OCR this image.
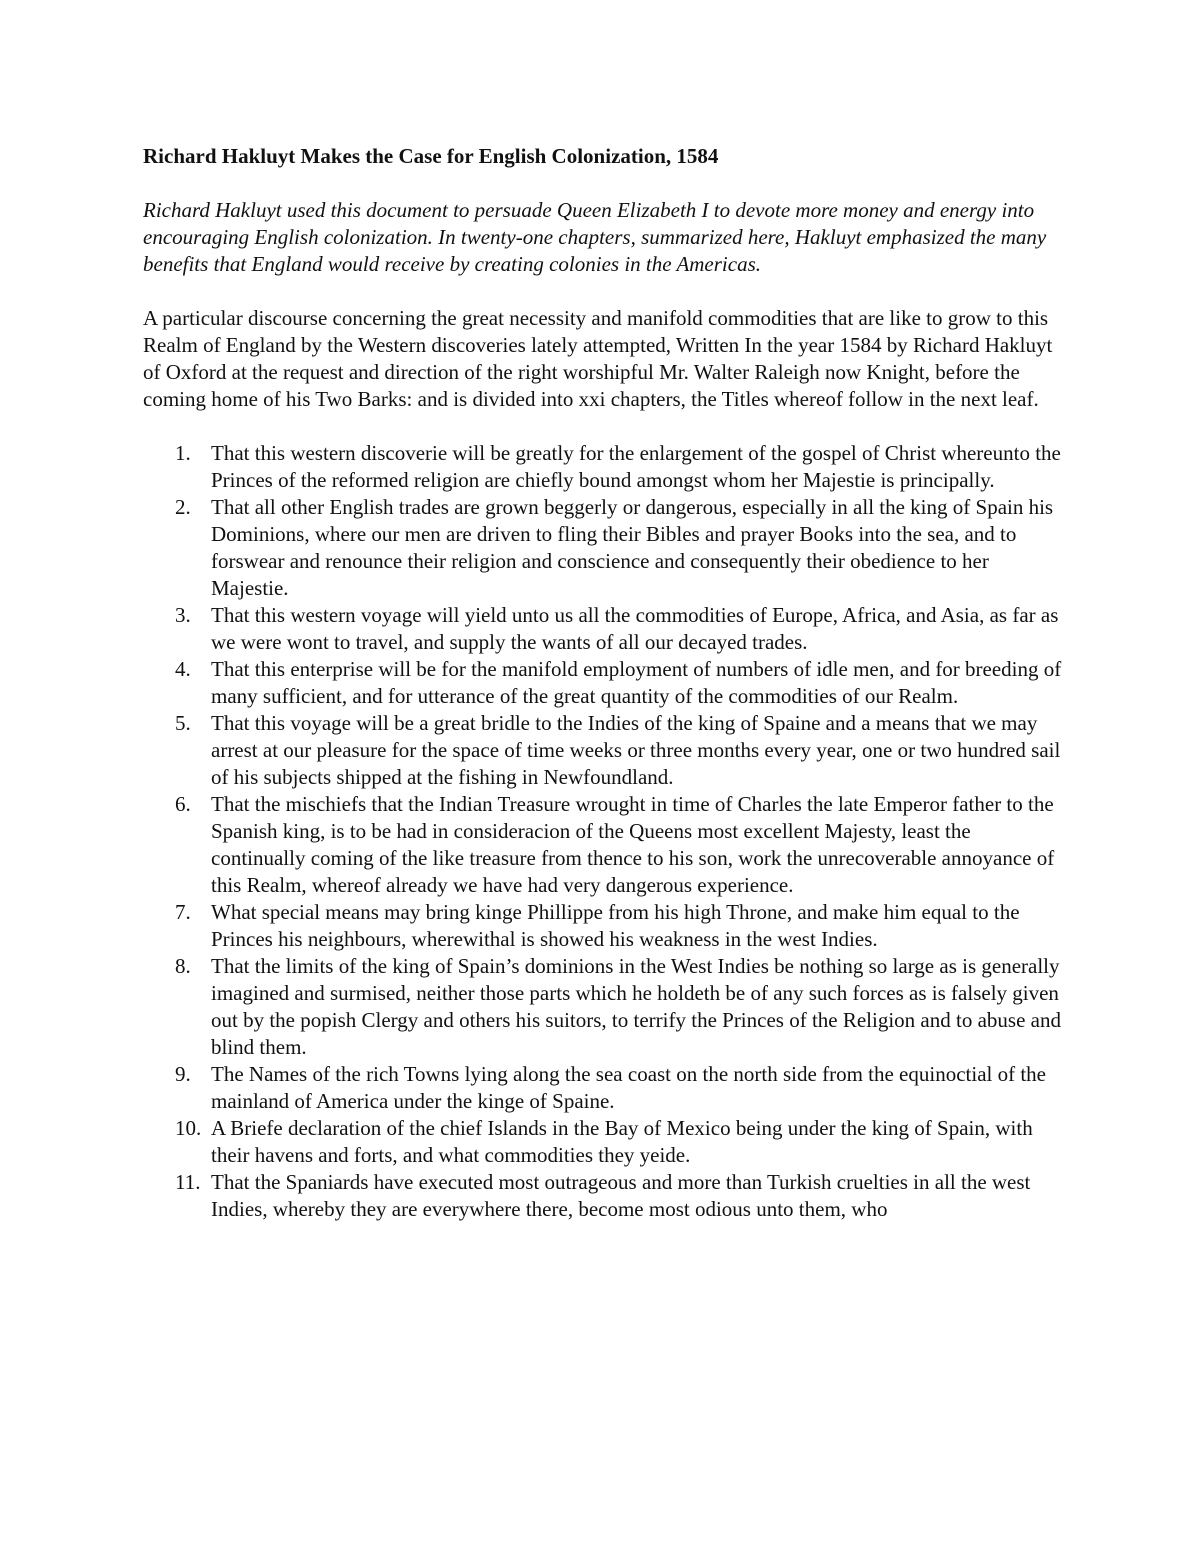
Richard Hakluyt Makes the Case for English Colonization, 1584
Richard Hakluyt used this document to persuade Queen Elizabeth I to devote more money and energy into encouraging English colonization. In twenty-one chapters, summarized here, Hakluyt emphasized the many benefits that England would receive by creating colonies in the Americas.
A particular discourse concerning the great necessity and manifold commodities that are like to grow to this Realm of England by the Western discoveries lately attempted, Written In the year 1584 by Richard Hakluyt of Oxford at the request and direction of the right worshipful Mr. Walter Raleigh now Knight, before the coming home of his Two Barks: and is divided into xxi chapters, the Titles whereof follow in the next leaf.
1. That this western discoverie will be greatly for the enlargement of the gospel of Christ whereunto the Princes of the reformed religion are chiefly bound amongst whom her Majestie is principally.
2. That all other English trades are grown beggerly or dangerous, especially in all the king of Spain his Dominions, where our men are driven to fling their Bibles and prayer Books into the sea, and to forswear and renounce their religion and conscience and consequently their obedience to her Majestie.
3. That this western voyage will yield unto us all the commodities of Europe, Africa, and Asia, as far as we were wont to travel, and supply the wants of all our decayed trades.
4. That this enterprise will be for the manifold employment of numbers of idle men, and for breeding of many sufficient, and for utterance of the great quantity of the commodities of our Realm.
5. That this voyage will be a great bridle to the Indies of the king of Spaine and a means that we may arrest at our pleasure for the space of time weeks or three months every year, one or two hundred sail of his subjects shipped at the fishing in Newfoundland.
6. That the mischiefs that the Indian Treasure wrought in time of Charles the late Emperor father to the Spanish king, is to be had in consideracion of the Queens most excellent Majesty, least the continually coming of the like treasure from thence to his son, work the unrecoverable annoyance of this Realm, whereof already we have had very dangerous experience.
7. What special means may bring kinge Phillippe from his high Throne, and make him equal to the Princes his neighbours, wherewithal is showed his weakness in the west Indies.
8. That the limits of the king of Spain’s dominions in the West Indies be nothing so large as is generally imagined and surmised, neither those parts which he holdeth be of any such forces as is falsely given out by the popish Clergy and others his suitors, to terrify the Princes of the Religion and to abuse and blind them.
9. The Names of the rich Towns lying along the sea coast on the north side from the equinoctial of the mainland of America under the kinge of Spaine.
10. A Briefe declaration of the chief Islands in the Bay of Mexico being under the king of Spain, with their havens and forts, and what commodities they yeide.
11. That the Spaniards have executed most outrageous and more than Turkish cruelties in all the west Indies, whereby they are everywhere there, become most odious unto them, who
